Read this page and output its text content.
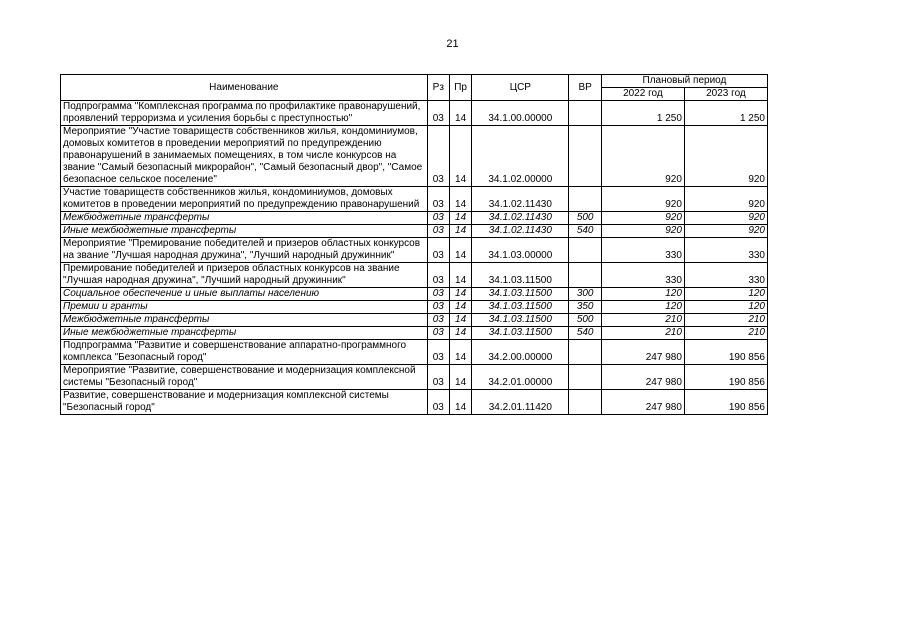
21
Наименование	Рз	Пр	ЦСР	ВР	Плановый период	
					2022 год	2023 год
Подпрограмма "Комплексная программа по профилактике правонарушений, проявлений терроризма и усиления борьбы с преступностью"	03	14	34.1.00.00000		1 250	1 250
Мероприятие "Участие товариществ собственников жилья, кондоминиумов, домовых комитетов в проведении мероприятий по предупреждению правонарушений в занимаемых помещениях, в том числе конкурсов на звание "Самый безопасный микрорайон", "Самый безопасный двор", "Самое безопасное сельское поселение"	03	14	34.1.02.00000		920	920
Участие товариществ собственников жилья, кондоминиумов, домовых комитетов в проведении мероприятий по предупреждению правонарушений	03	14	34.1.02.11430		920	920
Межбюджетные трансферты	03	14	34.1.02.11430	500	920	920
Иные межбюджетные трансферты	03	14	34.1.02.11430	540	920	920
Мероприятие "Премирование победителей и призеров областных конкурсов на звание "Лучшая народная дружина", "Лучший народный дружинник"	03	14	34.1.03.00000		330	330
Премирование победителей и призеров областных конкурсов на звание "Лучшая народная дружина", "Лучший народный дружинник"	03	14	34.1.03.11500		330	330
Социальное обеспечение и иные выплаты населению	03	14	34.1.03.11500	300	120	120
Премии и гранты	03	14	34.1.03.11500	350	120	120
Межбюджетные трансферты	03	14	34.1.03.11500	500	210	210
Иные межбюджетные трансферты	03	14	34.1.03.11500	540	210	210
Подпрограмма "Развитие и совершенствование аппаратно-программного комплекса "Безопасный город"	03	14	34.2.00.00000		247 980	190 856
Мероприятие "Развитие, совершенствование и модернизация комплексной системы "Безопасный город"	03	14	34.2.01.00000		247 980	190 856
Развитие, совершенствование и модернизация комплексной системы "Безопасный город"	03	14	34.2.01.11420		247 980	190 856
